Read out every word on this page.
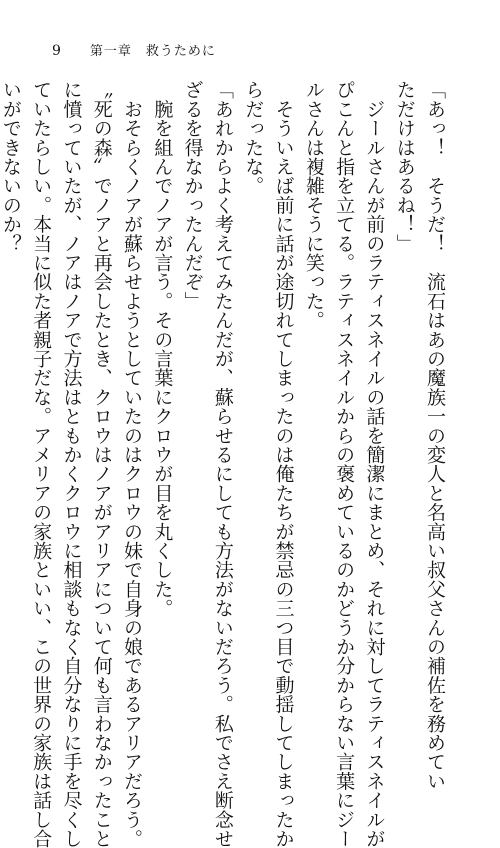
9 第一章　救うために
「あっ！　そうだ！　流石はあの魔族一の変人と名高い叔父さんの補佐を務めてい
ただけはあるね！」
　ジールさんが前のラティスネイルの話を簡潔にまとめ、それに対してラティスネイルが
ぴこんと指を立てる。ラティスネイルからの褒めているのかどうか分からない言葉にジー
ルさんは複雑そうに笑った。
　そういえば前に話が途切れてしまったのは俺たちが禁忌の三つ目で動揺してしまったか
らだったな。
「あれからよく考えてみたんだが、蘇らせるにしても方法がないだろう。私でさえ断念せ
ざるを得なかったんだぞ」
　腕を組んでノアが言う。その言葉にクロウが目を丸くした。
　おそらくノアが蘇らせようとしていたのはクロウの妹で自身の娘であるアリアだろう。
〝死の森〟でノアと再会したとき、クロウはノアがアリアについて何も言わなかったこと
に憤っていたが、ノアはノアで方法はともかくクロウに相談もなく自分なりに手を尽くし
ていたらしい。本当に似た者親子だな。アメリアの家族といい、この世界の家族は話し合
いができないのか？
